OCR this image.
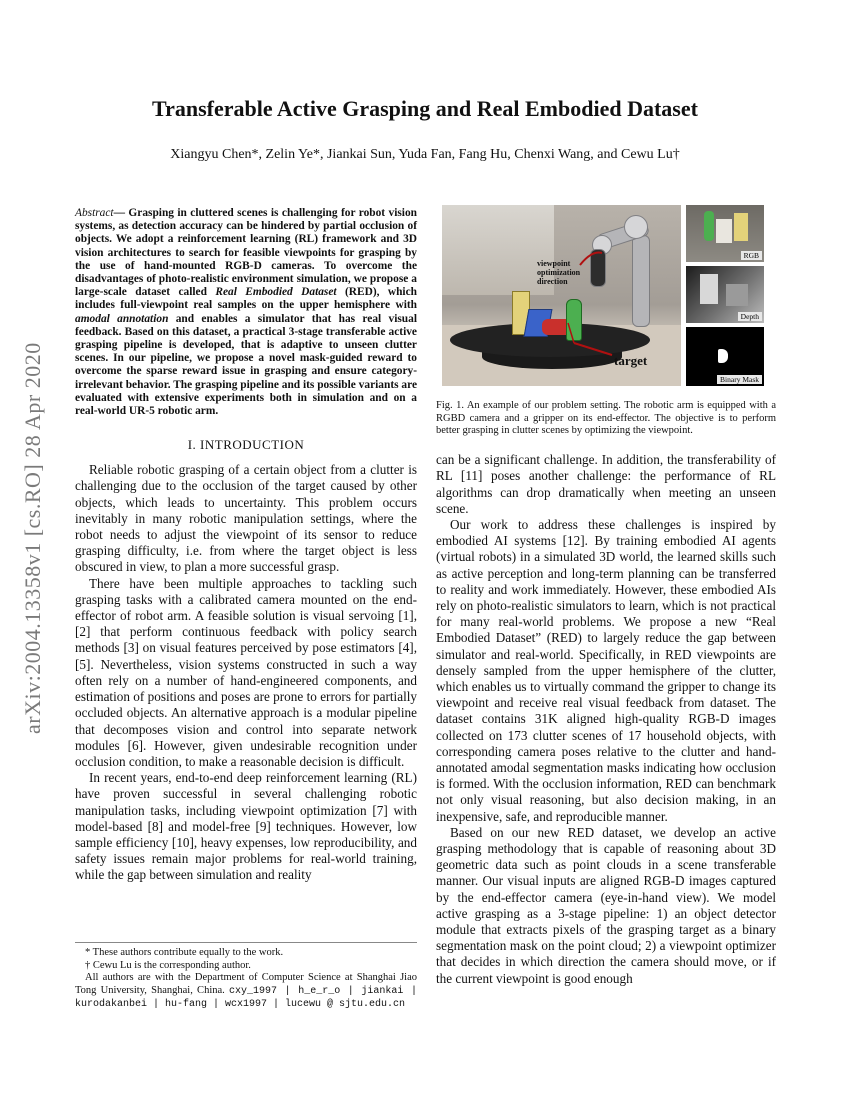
arXiv:2004.13358v1 [cs.RO] 28 Apr 2020
Transferable Active Grasping and Real Embodied Dataset
Xiangyu Chen*, Zelin Ye*, Jiankai Sun, Yuda Fan, Fang Hu, Chenxi Wang, and Cewu Lu†

Abstract— Grasping in cluttered scenes is challenging for robot vision systems, as detection accuracy can be hindered by partial occlusion of objects. We adopt a reinforcement learning (RL) framework and 3D vision architectures to search for feasible viewpoints for grasping by the use of hand-mounted RGB-D cameras. To overcome the disadvantages of photo-realistic environment simulation, we propose a large-scale dataset called Real Embodied Dataset (RED), which includes full-viewpoint real samples on the upper hemisphere with amodal annotation and enables a simulator that has real visual feedback. Based on this dataset, a practical 3-stage transferable active grasping pipeline is developed, that is adaptive to unseen clutter scenes. In our pipeline, we propose a novel mask-guided reward to overcome the sparse reward issue in grasping and ensure category-irrelevant behavior. The grasping pipeline and its possible variants are evaluated with extensive experiments both in simulation and on a real-world UR-5 robotic arm.

I. INTRODUCTION

Reliable robotic grasping of a certain object from a clutter is challenging due to the occlusion of the target caused by other objects, which leads to uncertainty. This problem occurs inevitably in many robotic manipulation settings, where the robot needs to adjust the viewpoint of its sensor to reduce grasping difficulty, i.e. from where the target object is less obscured in view, to plan a more successful grasp.

There have been multiple approaches to tackling such grasping tasks with a calibrated camera mounted on the end-effector of robot arm. A feasible solution is visual servoing [1], [2] that perform continuous feedback with policy search methods [3] on visual features perceived by pose estimators [4], [5]. Nevertheless, vision systems constructed in such a way often rely on a number of hand-engineered components, and estimation of positions and poses are prone to errors for partially occluded objects. An alternative approach is a modular pipeline that decomposes vision and control into separate network modules [6]. However, given undesirable recognition under occlusion condition, to make a reasonable decision is difficult.

In recent years, end-to-end deep reinforcement learning (RL) have proven successful in several challenging robotic manipulation tasks, including viewpoint optimization [7] with model-based [8] and model-free [9] techniques. However, low sample efficiency [10], heavy expenses, low reproducibility, and safety issues remain major problems for real-world training, while the gap between simulation and reality

* These authors contribute equally to the work.
† Cewu Lu is the corresponding author.
All authors are with the Department of Computer Science at Shanghai Jiao Tong University, Shanghai, China. cxy_1997 | h_e_r_o | jiankai | kurodakanbei | hu-fang | wcx1997 | lucewu @ sjtu.edu.cn
viewpoint optimization direction
target
RGB
Depth
Binary Mask

Fig. 1. An example of our problem setting. The robotic arm is equipped with a RGBD camera and a gripper on its end-effector. The objective is to perform better grasping in clutter scenes by optimizing the viewpoint.

can be a significant challenge. In addition, the transferability of RL [11] poses another challenge: the performance of RL algorithms can drop dramatically when meeting an unseen scene.

Our work to address these challenges is inspired by embodied AI systems [12]. By training embodied AI agents (virtual robots) in a simulated 3D world, the learned skills such as active perception and long-term planning can be transferred to reality and work immediately. However, these embodied AIs rely on photo-realistic simulators to learn, which is not practical for many real-world problems. We propose a new “Real Embodied Dataset” (RED) to largely reduce the gap between simulator and real-world. Specifically, in RED viewpoints are densely sampled from the upper hemisphere of the clutter, which enables us to virtually command the gripper to change its viewpoint and receive real visual feedback from dataset. The dataset contains 31K aligned high-quality RGB-D images collected on 173 clutter scenes of 17 household objects, with corresponding camera poses relative to the clutter and hand-annotated amodal segmentation masks indicating how occlusion is formed. With the occlusion information, RED can benchmark not only visual reasoning, but also decision making, in an inexpensive, safe, and reproducible manner.

Based on our new RED dataset, we develop an active grasping methodology that is capable of reasoning about 3D geometric data such as point clouds in a scene transferable manner. Our visual inputs are aligned RGB-D images captured by the end-effector camera (eye-in-hand view). We model active grasping as a 3-stage pipeline: 1) an object detector module that extracts pixels of the grasping target as a binary segmentation mask on the point cloud; 2) a viewpoint optimizer that decides in which direction the camera should move, or if the current viewpoint is good enough
